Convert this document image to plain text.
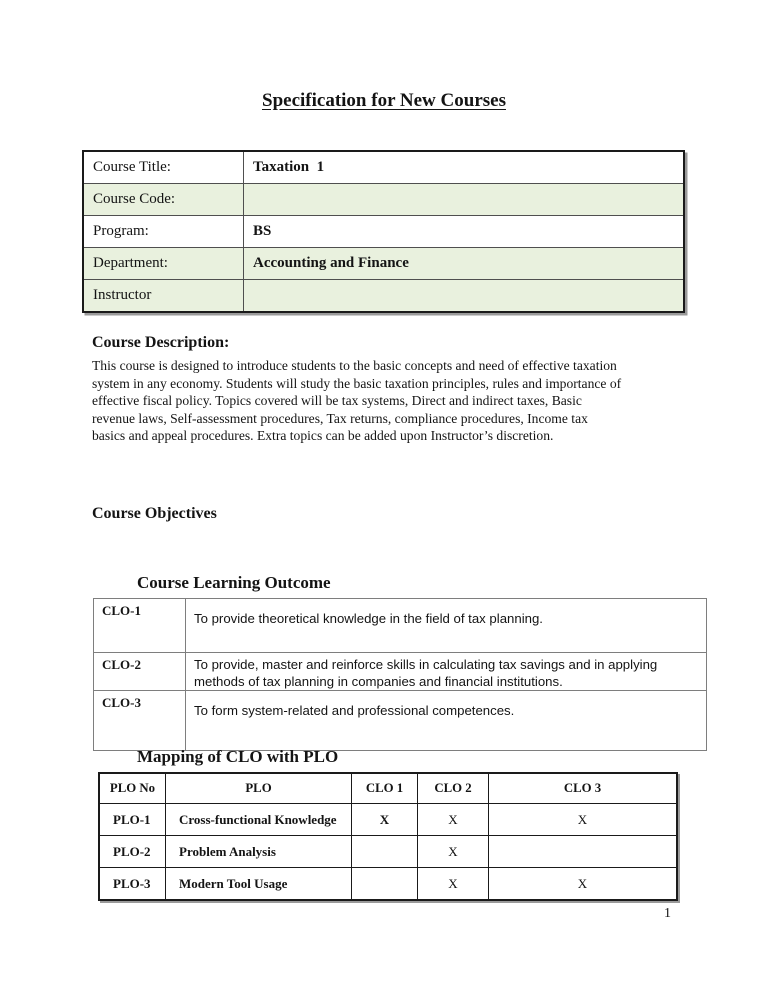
Specification for New Courses
Course Title:	Taxation  1
Course Code:	
Program:	BS
Department:	Accounting and Finance
Instructor	
Course Description:
This course is designed to introduce students to the basic concepts and need of effective taxation
system in any economy. Students will study the basic taxation principles, rules and importance of
effective fiscal policy. Topics covered will be tax systems, Direct and indirect taxes, Basic
revenue laws, Self-assessment procedures, Tax returns, compliance procedures, Income tax
basics and appeal procedures. Extra topics can be added upon Instructor’s discretion.
Course Objectives
Course Learning Outcome
CLO-1	To provide theoretical knowledge in the field of tax planning.
CLO-2	To provide, master and reinforce skills in calculating tax savings and in applying methods of tax planning in companies and financial institutions.
CLO-3	To form system-related and professional competences.
Mapping of CLO with PLO
PLO No	PLO	CLO 1	CLO 2	CLO 3
PLO-1	Cross-functional Knowledge	X	X	X
PLO-2	Problem Analysis		X	
PLO-3	Modern Tool Usage		X	X
1
